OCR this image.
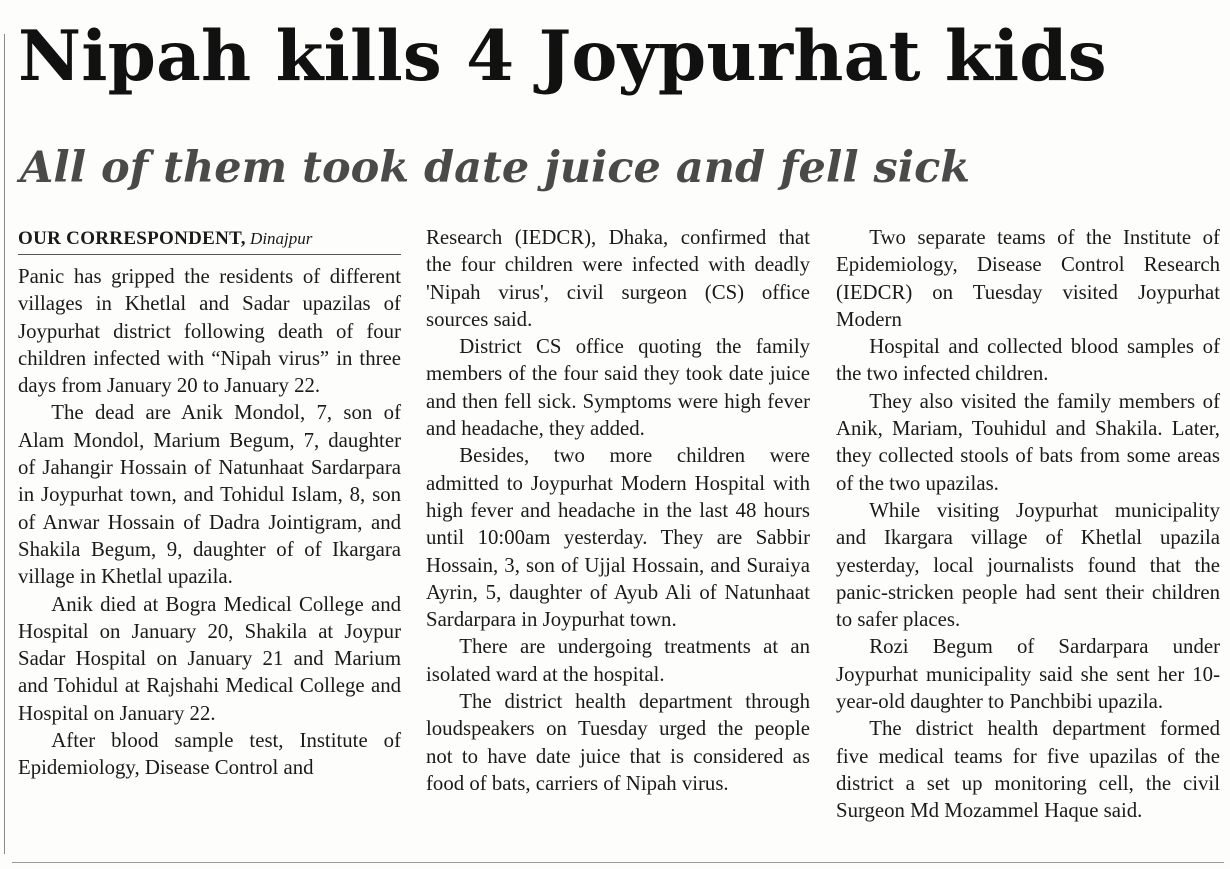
Nipah kills 4 Joypurhat kids
All of them took date juice and fell sick
OUR CORRESPONDENT, Dinajpur

Panic has gripped the residents of different villages in Khetlal and Sadar upazilas of Joypurhat district following death of four children infected with “Nipah virus” in three days from January 20 to January 22.

The dead are Anik Mondol, 7, son of Alam Mondol, Marium Begum, 7, daughter of Jahangir Hossain of Natunhaat Sardarpara in Joypurhat town, and Tohidul Islam, 8, son of Anwar Hossain of Dadra Jointigram, and Shakila Begum, 9, daughter of of Ikargara village in Khetlal upazila.

Anik died at Bogra Medical College and Hospital on January 20, Shakila at Joypur Sadar Hospital on January 21 and Marium and Tohidul at Rajshahi Medical College and Hospital on January 22.

After blood sample test, Institute of Epidemiology, Disease Control and

Research (IEDCR), Dhaka, confirmed that the four children were infected with deadly 'Nipah virus', civil surgeon (CS) office sources said.

District CS office quoting the family members of the four said they took date juice and then fell sick. Symptoms were high fever and headache, they added.

Besides, two more children were admitted to Joypurhat Modern Hospital with high fever and headache in the last 48 hours until 10:00am yesterday. They are Sabbir Hossain, 3, son of Ujjal Hossain, and Suraiya Ayrin, 5, daughter of Ayub Ali of Natunhaat Sardarpara in Joypurhat town.

There are undergoing treatments at an isolated ward at the hospital.

The district health department through loudspeakers on Tuesday urged the people not to have date juice that is considered as food of bats, carriers of Nipah virus.

Two separate teams of the Institute of Epidemiology, Disease Control Research (IEDCR) on Tuesday visited Joypurhat Modern

Hospital and collected blood samples of the two infected children.

They also visited the family members of Anik, Mariam, Touhidul and Shakila. Later, they collected stools of bats from some areas of the two upazilas.

While visiting Joypurhat municipality and Ikargara village of Khetlal upazila yesterday, local journalists found that the panic-stricken people had sent their children to safer places.

Rozi Begum of Sardarpara under Joypurhat municipality said she sent her 10-year-old daughter to Panchbibi upazila.

The district health department formed five medical teams for five upazilas of the district a set up monitoring cell, the civil Surgeon Md Mozammel Haque said.
